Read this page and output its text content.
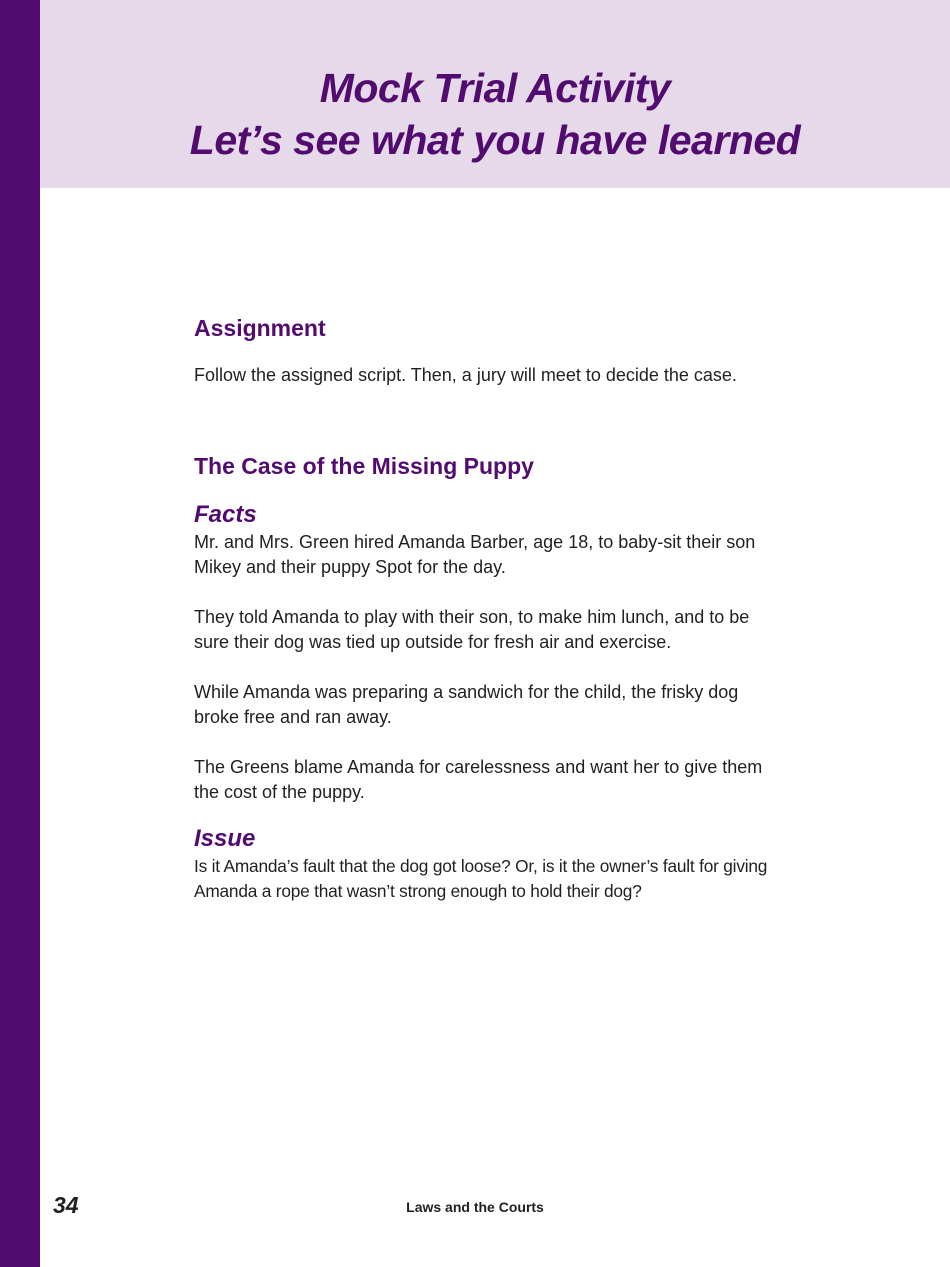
Mock Trial Activity
Let’s see what you have learned
Assignment

Follow the assigned script. Then, a jury will meet to decide the case.

The Case of the Missing Puppy
Facts

Mr. and Mrs. Green hired Amanda Barber, age 18, to baby-sit their son Mikey and their puppy Spot for the day.

They told Amanda to play with their son, to make him lunch, and to be sure their dog was tied up outside for fresh air and exercise.

While Amanda was preparing a sandwich for the child, the frisky dog broke free and ran away.

The Greens blame Amanda for carelessness and want her to give them the cost of the puppy.

Issue

Is it Amanda’s fault that the dog got loose? Or, is it the owner’s fault for giving Amanda a rope that wasn’t strong enough to hold their dog?

34	Laws and the Courts
